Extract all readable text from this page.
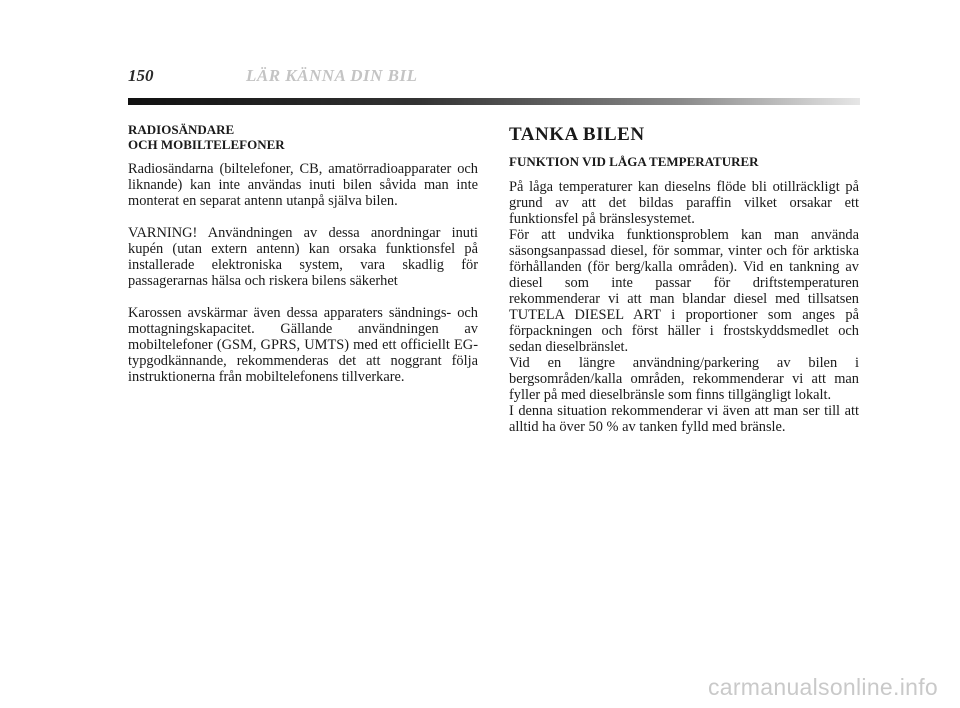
150	LÄR KÄNNA DIN BIL
RADIOSÄNDARE
OCH MOBILTELEFONER

Radiosändarna (biltelefoner, CB, amatörradioapparater och liknande) kan inte användas inuti bilen såvida man inte monterat en separat antenn utanpå själva bilen.

VARNING! Användningen av dessa anordningar inuti kupén (utan extern antenn) kan orsaka funktionsfel på installerade elektroniska system, vara skadlig för passagerarnas hälsa och riskera bilens säkerhet

Karossen avskärmar även dessa apparaters sändnings- och mottagningskapacitet. Gällande användningen av mobiltelefoner (GSM, GPRS, UMTS) med ett officiellt EG-typgodkännande, rekommenderas det att noggrant följa instruktionerna från mobiltelefonens tillverkare.

TANKA BILEN
FUNKTION VID LÅGA TEMPERATURER

På låga temperaturer kan dieselns flöde bli otillräckligt på grund av att det bildas paraffin vilket orsakar ett funktionsfel på bränslesystemet.

För att undvika funktionsproblem kan man använda säsongsanpassad diesel, för sommar, vinter och för arktiska förhållanden (för berg/kalla områden). Vid en tankning av diesel som inte passar för driftstemperaturen rekommenderar vi att man blandar diesel med tillsatsen TUTELA DIESEL ART i proportioner som anges på förpackningen och först häller i frostskyddsmedlet och sedan dieselbränslet.

Vid en längre användning/parkering av bilen i bergsområden/kalla områden, rekommenderar vi att man fyller på med dieselbränsle som finns tillgängligt lokalt.

I denna situation rekommenderar vi även att man ser till att alltid ha över 50 % av tanken fylld med bränsle.

carmanualsonline.info
